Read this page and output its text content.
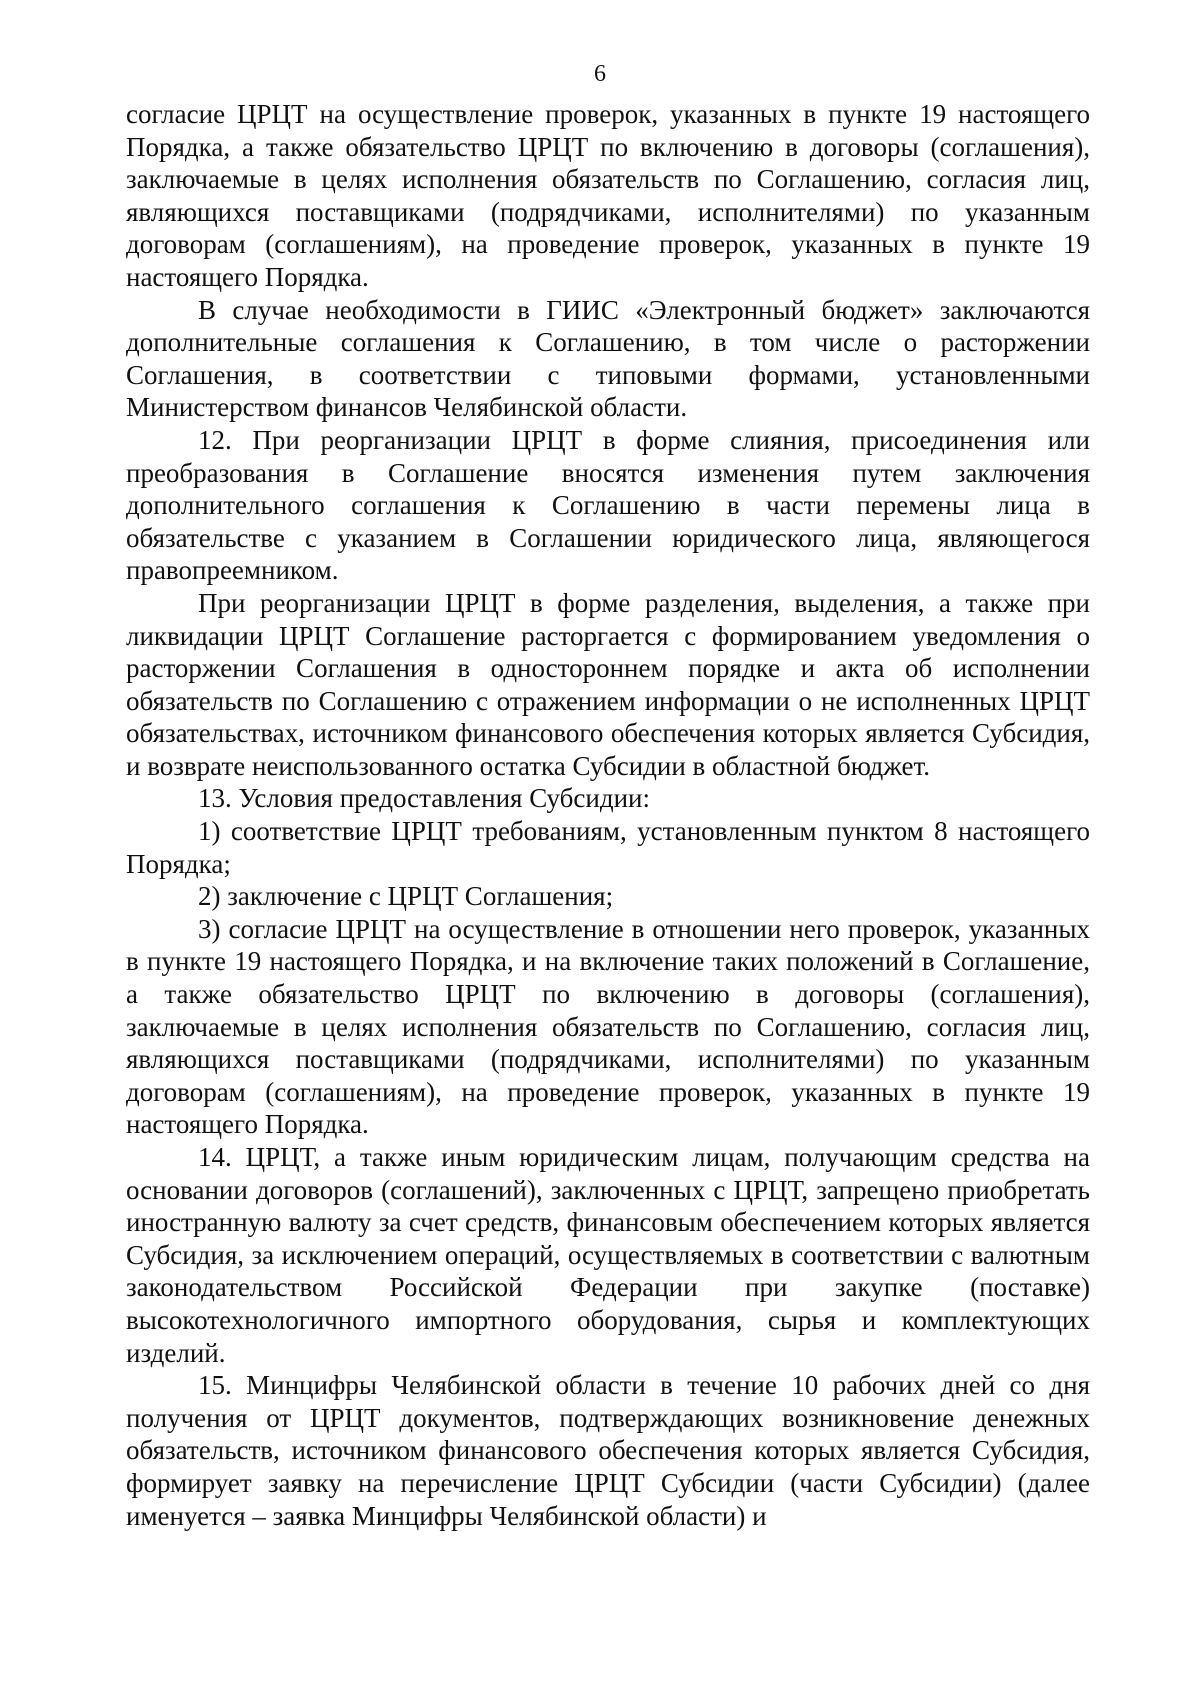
6

согласие ЦРЦТ на осуществление проверок, указанных в пункте 19 настоящего Порядка, а также обязательство ЦРЦТ по включению в договоры (соглашения), заключаемые в целях исполнения обязательств по Соглашению, согласия лиц, являющихся поставщиками (подрядчиками, исполнителями) по указанным договорам (соглашениям), на проведение проверок, указанных в пункте 19 настоящего Порядка.

В случае необходимости в ГИИС «Электронный бюджет» заключаются дополнительные соглашения к Соглашению, в том числе о расторжении Соглашения, в соответствии с типовыми формами, установленными Министерством финансов Челябинской области.

12. При реорганизации ЦРЦТ в форме слияния, присоединения или преобразования в Соглашение вносятся изменения путем заключения дополнительного соглашения к Соглашению в части перемены лица в обязательстве с указанием в Соглашении юридического лица, являющегося правопреемником.

При реорганизации ЦРЦТ в форме разделения, выделения, а также при ликвидации ЦРЦТ Соглашение расторгается с формированием уведомления о расторжении Соглашения в одностороннем порядке и акта об исполнении обязательств по Соглашению с отражением информации о не исполненных ЦРЦТ обязательствах, источником финансового обеспечения которых является Субсидия, и возврате неиспользованного остатка Субсидии в областной бюджет.

13. Условия предоставления Субсидии:

1) соответствие ЦРЦТ требованиям, установленным пунктом 8 настоящего Порядка;

2) заключение с ЦРЦТ Соглашения;

3) согласие ЦРЦТ на осуществление в отношении него проверок, указанных в пункте 19 настоящего Порядка, и на включение таких положений в Соглашение, а также обязательство ЦРЦТ по включению в договоры (соглашения), заключаемые в целях исполнения обязательств по Соглашению, согласия лиц, являющихся поставщиками (подрядчиками, исполнителями) по указанным договорам (соглашениям), на проведение проверок, указанных в пункте 19 настоящего Порядка.

14. ЦРЦТ, а также иным юридическим лицам, получающим средства на основании договоров (соглашений), заключенных с ЦРЦТ, запрещено приобретать иностранную валюту за счет средств, финансовым обеспечением которых является Субсидия, за исключением операций, осуществляемых в соответствии с валютным законодательством Российской Федерации при закупке (поставке) высокотехнологичного импортного оборудования, сырья и комплектующих изделий.

15. Минцифры Челябинской области в течение 10 рабочих дней со дня получения от ЦРЦТ документов, подтверждающих возникновение денежных обязательств, источником финансового обеспечения которых является Субсидия, формирует заявку на перечисление ЦРЦТ Субсидии (части Субсидии) (далее именуется – заявка Минцифры Челябинской области) и
